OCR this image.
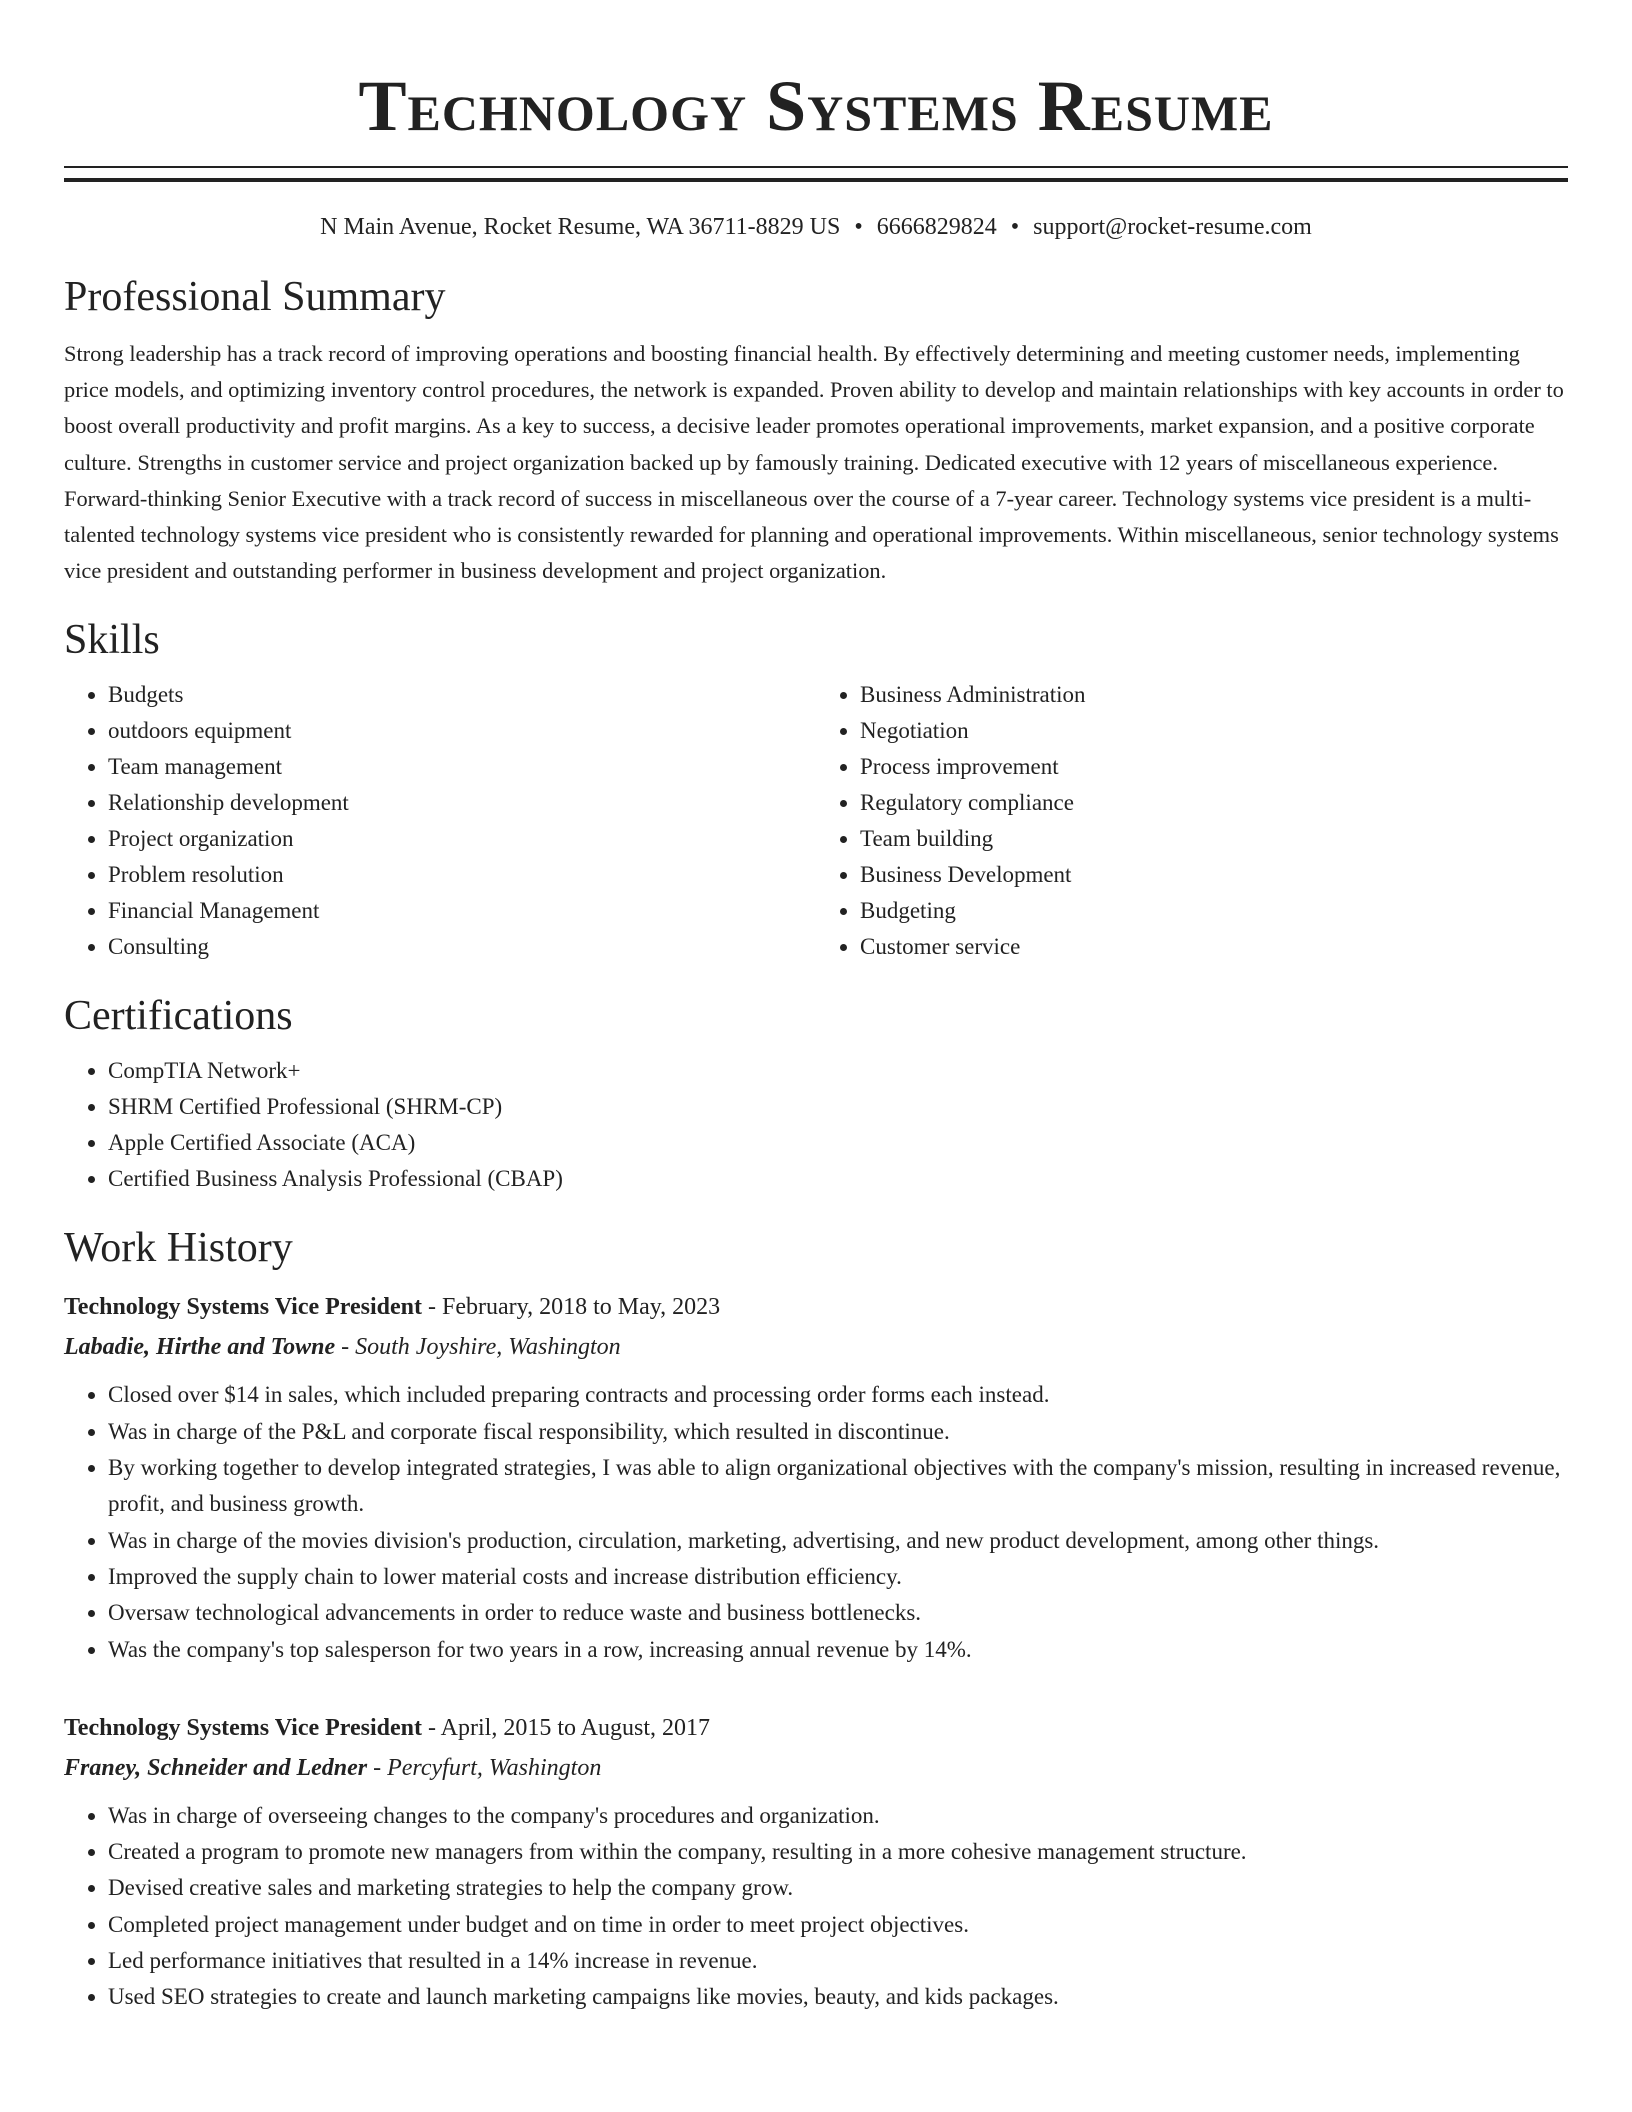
Technology Systems Resume
N Main Avenue, Rocket Resume, WA 36711-8829 US • 6666829824 • support@rocket-resume.com
Professional Summary
Strong leadership has a track record of improving operations and boosting financial health. By effectively determining and meeting customer needs, implementing price models, and optimizing inventory control procedures, the network is expanded. Proven ability to develop and maintain relationships with key accounts in order to boost overall productivity and profit margins. As a key to success, a decisive leader promotes operational improvements, market expansion, and a positive corporate culture. Strengths in customer service and project organization backed up by famously training. Dedicated executive with 12 years of miscellaneous experience. Forward-thinking Senior Executive with a track record of success in miscellaneous over the course of a 7-year career. Technology systems vice president is a multi-talented technology systems vice president who is consistently rewarded for planning and operational improvements. Within miscellaneous, senior technology systems vice president and outstanding performer in business development and project organization.
Skills
• Budgets
• outdoors equipment
• Team management
• Relationship development
• Project organization
• Problem resolution
• Financial Management
• Consulting
• Business Administration
• Negotiation
• Process improvement
• Regulatory compliance
• Team building
• Business Development
• Budgeting
• Customer service
Certifications
• CompTIA Network+
• SHRM Certified Professional (SHRM-CP)
• Apple Certified Associate (ACA)
• Certified Business Analysis Professional (CBAP)
Work History
Technology Systems Vice President - February, 2018 to May, 2023
Labadie, Hirthe and Towne - South Joyshire, Washington
• Closed over $14 in sales, which included preparing contracts and processing order forms each instead.
• Was in charge of the P&L and corporate fiscal responsibility, which resulted in discontinue.
• By working together to develop integrated strategies, I was able to align organizational objectives with the company's mission, resulting in increased revenue, profit, and business growth.
• Was in charge of the movies division's production, circulation, marketing, advertising, and new product development, among other things.
• Improved the supply chain to lower material costs and increase distribution efficiency.
• Oversaw technological advancements in order to reduce waste and business bottlenecks.
• Was the company's top salesperson for two years in a row, increasing annual revenue by 14%.
Technology Systems Vice President - April, 2015 to August, 2017
Franey, Schneider and Ledner - Percyfurt, Washington
• Was in charge of overseeing changes to the company's procedures and organization.
• Created a program to promote new managers from within the company, resulting in a more cohesive management structure.
• Devised creative sales and marketing strategies to help the company grow.
• Completed project management under budget and on time in order to meet project objectives.
• Led performance initiatives that resulted in a 14% increase in revenue.
• Used SEO strategies to create and launch marketing campaigns like movies, beauty, and kids packages.
